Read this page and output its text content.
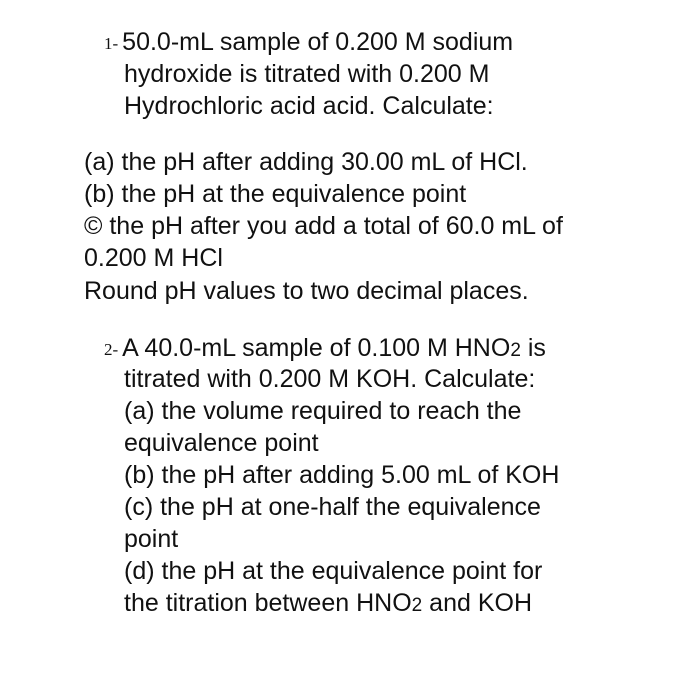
1- 50.0-mL sample of 0.200 M sodium
hydroxide is titrated with 0.200 M
Hydrochloric acid acid. Calculate:
(a) the pH after adding 30.00 mL of HCl.
(b) the pH at the equivalence point
© the pH after you add a total of 60.0 mL of
0.200 M HCl
Round pH values to two decimal places.
2- A 40.0-mL sample of 0.100 M HNO2 is
titrated with 0.200 M KOH. Calculate:
(a) the volume required to reach the
equivalence point
(b) the pH after adding 5.00 mL of KOH
(c) the pH at one-half the equivalence
point
(d) the pH at the equivalence point for
the titration between HNO2 and KOH
